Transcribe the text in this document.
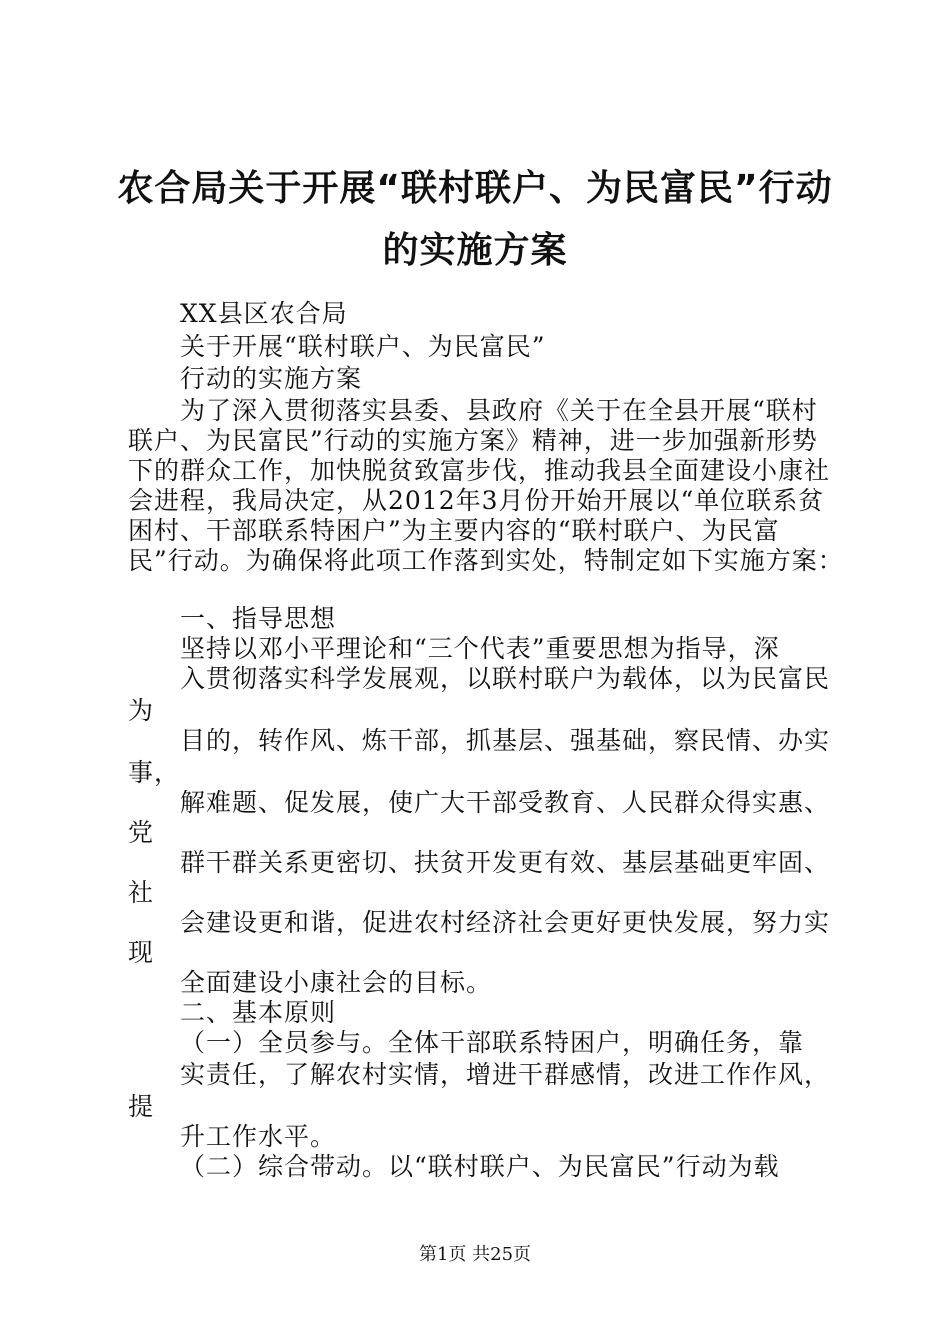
农合局关于开展“联村联户、为民富民”行动
的实施方案

XX县区农合局

关于开展“联村联户、为民富民”

行动的实施方案

为了深入贯彻落实县委、县政府《关于在全县开展“联村

联户、为民富民”行动的实施方案》精神，进一步加强新形势

下的群众工作，加快脱贫致富步伐，推动我县全面建设小康社

会进程，我局决定，从2012年3月份开始开展以“单位联系贫

困村、干部联系特困户”为主要内容的“联村联户、为民富

民”行动。为确保将此项工作落到实处，特制定如下实施方案：

一、指导思想

坚持以邓小平理论和“三个代表”重要思想为指导，深

入贯彻落实科学发展观，以联村联户为载体，以为民富民

为

目的，转作风、炼干部，抓基层、强基础，察民情、办实

事，

解难题、促发展，使广大干部受教育、人民群众得实惠、

党

群干群关系更密切、扶贫开发更有效、基层基础更牢固、

社

会建设更和谐，促进农村经济社会更好更快发展，努力实

现

全面建设小康社会的目标。

二、基本原则

（一）全员参与。全体干部联系特困户，明确任务，靠

实责任，了解农村实情，增进干群感情，改进工作作风，

提

升工作水平。

（二）综合带动。以“联村联户、为民富民”行动为载

第1页 共25页
